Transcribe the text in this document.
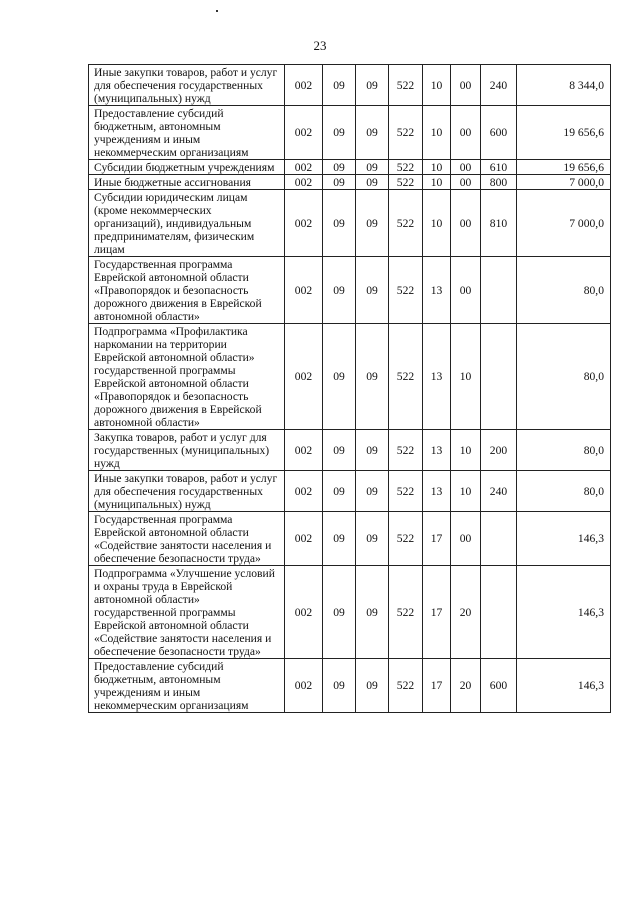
23
Иные закупки товаров, работ и услуг для обеспечения государственных (муниципальных) нужд	002	09	09	522	10	00	240	8 344,0
Предоставление субсидий бюджетным, автономным учреждениям и иным некоммерческим организациям	002	09	09	522	10	00	600	19 656,6
Субсидии бюджетным учреждениям	002	09	09	522	10	00	610	19 656,6
Иные бюджетные ассигнования	002	09	09	522	10	00	800	7 000,0
Субсидии юридическим лицам (кроме некоммерческих организаций), индивидуальным предпринимателям, физическим лицам	002	09	09	522	10	00	810	7 000,0
Государственная программа Еврейской автономной области «Правопорядок и безопасность дорожного движения в Еврейской автономной области»	002	09	09	522	13	00		80,0
Подпрограмма «Профилактика наркомании на территории Еврейской автономной области» государственной программы Еврейской автономной области «Правопорядок и безопасность дорожного движения в Еврейской автономной области»	002	09	09	522	13	10		80,0
Закупка товаров, работ и услуг для государственных (муниципальных) нужд	002	09	09	522	13	10	200	80,0
Иные закупки товаров, работ и услуг для обеспечения государственных (муниципальных) нужд	002	09	09	522	13	10	240	80,0
Государственная программа Еврейской автономной области «Содействие занятости населения и обеспечение безопасности труда»	002	09	09	522	17	00		146,3
Подпрограмма «Улучшение условий и охраны труда в Еврейской автономной области» государственной программы Еврейской автономной области «Содействие занятости населения и обеспечение безопасности труда»	002	09	09	522	17	20		146,3
Предоставление субсидий бюджетным, автономным учреждениям и иным некоммерческим организациям	002	09	09	522	17	20	600	146,3
